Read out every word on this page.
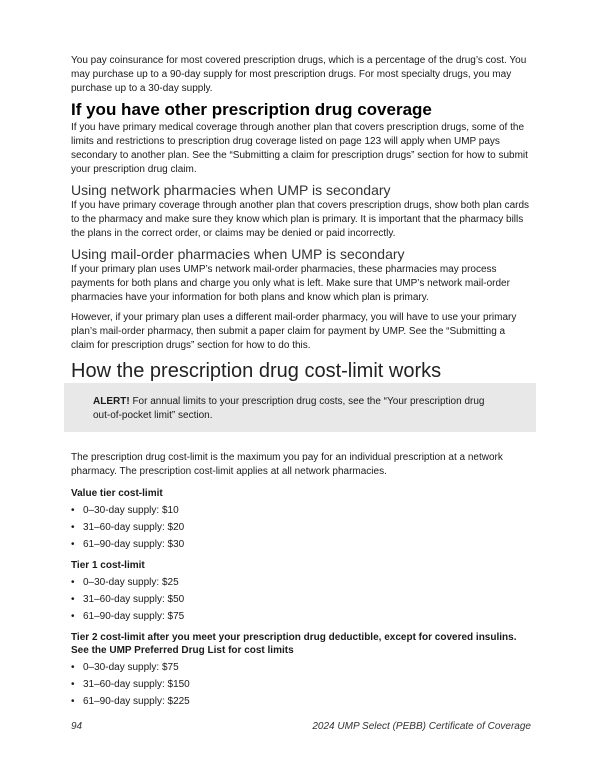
You pay coinsurance for most covered prescription drugs, which is a percentage of the drug’s cost. You may purchase up to a 90-day supply for most prescription drugs. For most specialty drugs, you may purchase up to a 30-day supply.

If you have other prescription drug coverage

If you have primary medical coverage through another plan that covers prescription drugs, some of the limits and restrictions to prescription drug coverage listed on page 123 will apply when UMP pays secondary to another plan. See the “Submitting a claim for prescription drugs” section for how to submit your prescription drug claim.

Using network pharmacies when UMP is secondary

If you have primary coverage through another plan that covers prescription drugs, show both plan cards to the pharmacy and make sure they know which plan is primary. It is important that the pharmacy bills the plans in the correct order, or claims may be denied or paid incorrectly.

Using mail-order pharmacies when UMP is secondary

If your primary plan uses UMP’s network mail-order pharmacies, these pharmacies may process payments for both plans and charge you only what is left. Make sure that UMP’s network mail-order pharmacies have your information for both plans and know which plan is primary.

However, if your primary plan uses a different mail-order pharmacy, you will have to use your primary plan’s mail-order pharmacy, then submit a paper claim for payment by UMP. See the “Submitting a claim for prescription drugs” section for how to do this.

How the prescription drug cost-limit works

ALERT! For annual limits to your prescription drug costs, see the “Your prescription drug out-of-pocket limit” section.

The prescription drug cost-limit is the maximum you pay for an individual prescription at a network pharmacy. The prescription cost-limit applies at all network pharmacies.

Value tier cost-limit
• 0–30-day supply: $10
• 31–60-day supply: $20
• 61–90-day supply: $30
Tier 1 cost-limit
• 0–30-day supply: $25
• 31–60-day supply: $50
• 61–90-day supply: $75
Tier 2 cost-limit after you meet your prescription drug deductible, except for covered insulins. See the UMP Preferred Drug List for cost limits
• 0–30-day supply: $75
• 31–60-day supply: $150
• 61–90-day supply: $225
94	2024 UMP Select (PEBB) Certificate of Coverage
